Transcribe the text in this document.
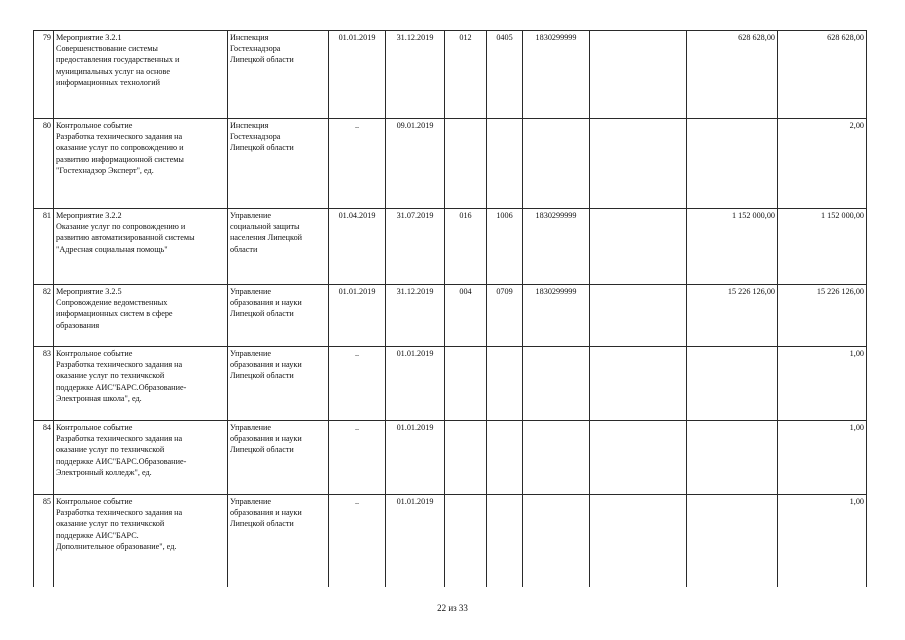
79	Мероприятие 3.2.1
Совершенствование системы
предоставления государственных и
муниципальных услуг на основе
информационных технологий	Инспекция
Гостехнадзора
Липецкой области	01.01.2019	31.12.2019	012	0405	1830299999		628 628,00	628 628,00
80	Контрольное событие
Разработка технического задания на
оказание услуг по сопровождению и
развитию информационной системы
"Гостехнадзор Эксперт", ед.	Инспекция
Гостехнадзора
Липецкой области	..	09.01.2019						2,00
81	Мероприятие 3.2.2
Оказание услуг по сопровождению и
развитию автоматизированной системы
"Адресная социальная помощь"	Управление
социальной защиты
населения Липецкой
области	01.04.2019	31.07.2019	016	1006	1830299999		1 152 000,00	1 152 000,00
82	Мероприятие 3.2.5
Сопровождение ведомственных
информационных систем в сфере
образования	Управление
образования и науки
Липецкой области	01.01.2019	31.12.2019	004	0709	1830299999		15 226 126,00	15 226 126,00
83	Контрольное событие
Разработка технического задания на
оказание услуг по техничкской
поддержке АИС"БАРС.Образование-
Электронная школа", ед.	Управление
образования и науки
Липецкой области	..	01.01.2019						1,00
84	Контрольное событие
Разработка технического задания на
оказание услуг по техничкской
поддержке АИС"БАРС.Образование-
Электронный колледж", ед.	Управление
образования и науки
Липецкой области	..	01.01.2019						1,00
85	Контрольное событие
Разработка технического задания на
оказание услуг по техничкской
поддержке АИС"БАРС.
Дополнительное образование", ед.	Управление
образования и науки
Липецкой области	..	01.01.2019						1,00
22 из 33
